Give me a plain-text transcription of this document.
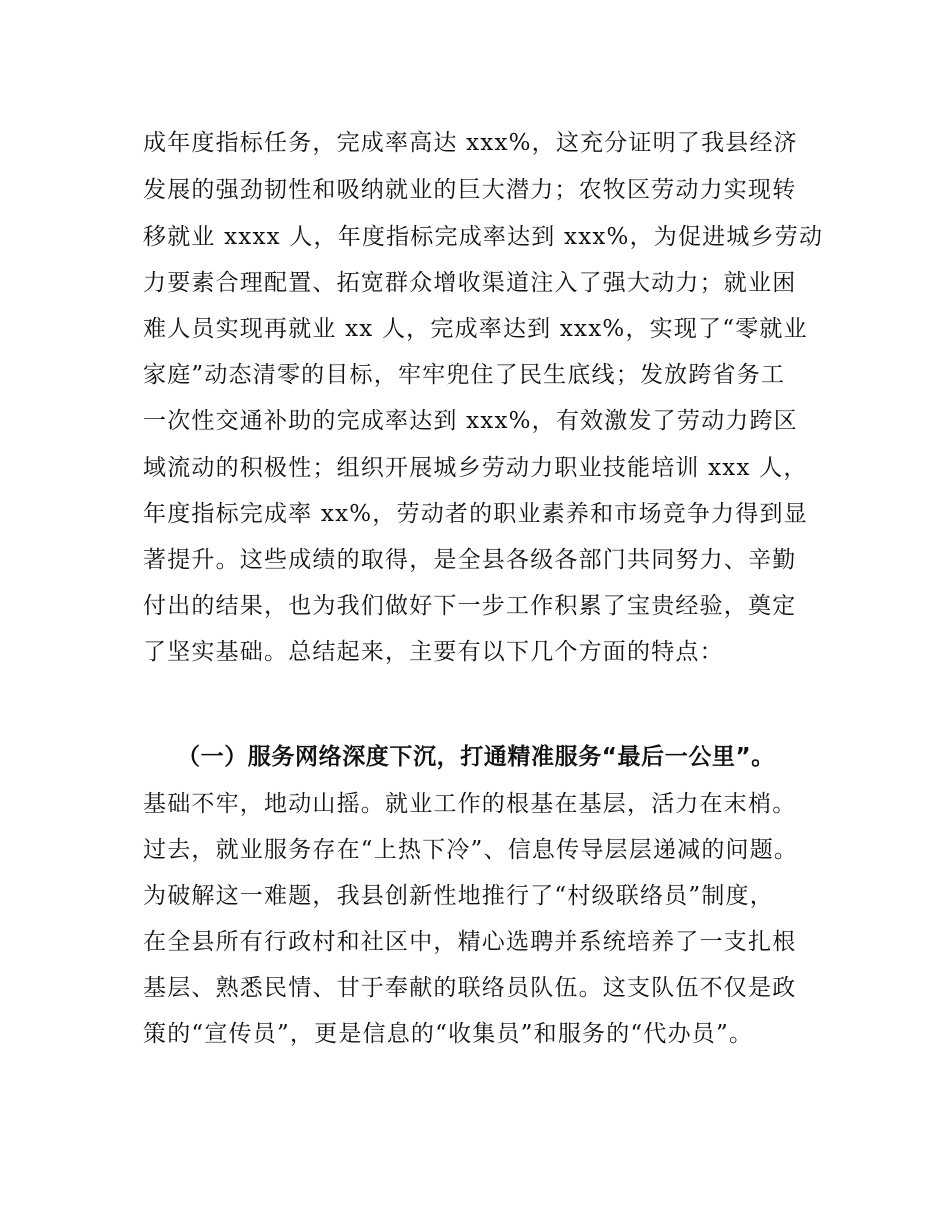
成年度指标任务，完成率高达 xxx%，这充分证明了我县经济
发展的强劲韧性和吸纳就业的巨大潜力；农牧区劳动力实现转
移就业 xxxx 人，年度指标完成率达到 xxx%，为促进城乡劳动
力要素合理配置、拓宽群众增收渠道注入了强大动力；就业困
难人员实现再就业 xx 人，完成率达到 xxx%，实现了“零就业
家庭”动态清零的目标，牢牢兜住了民生底线；发放跨省务工
一次性交通补助的完成率达到 xxx%，有效激发了劳动力跨区
域流动的积极性；组织开展城乡劳动力职业技能培训 xxx 人，
年度指标完成率 xx%，劳动者的职业素养和市场竞争力得到显
著提升。这些成绩的取得，是全县各级各部门共同努力、辛勤
付出的结果，也为我们做好下一步工作积累了宝贵经验，奠定
了坚实基础。总结起来，主要有以下几个方面的特点：
（一）服务网络深度下沉，打通精准服务“最后一公里”。
基础不牢，地动山摇。就业工作的根基在基层，活力在末梢。
过去，就业服务存在“上热下冷”、信息传导层层递减的问题。
为破解这一难题，我县创新性地推行了“村级联络员”制度，
在全县所有行政村和社区中，精心选聘并系统培养了一支扎根
基层、熟悉民情、甘于奉献的联络员队伍。这支队伍不仅是政
策的“宣传员”，更是信息的“收集员”和服务的“代办员”。
